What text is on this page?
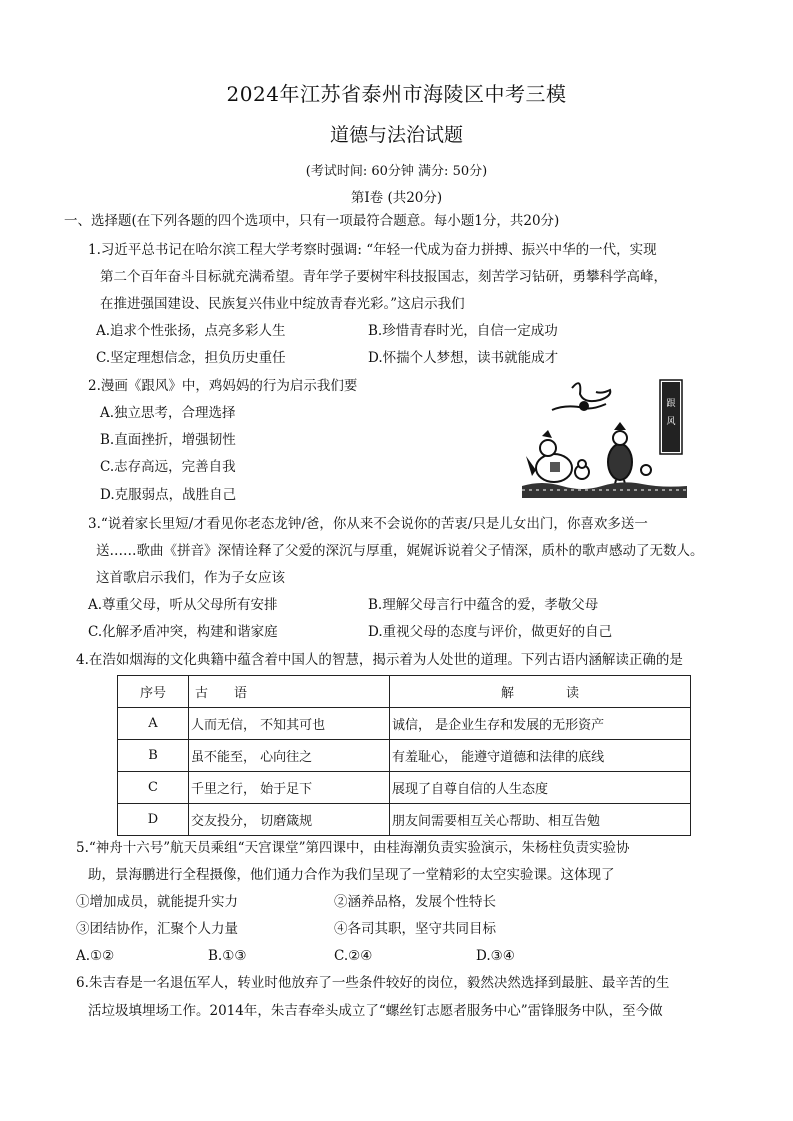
2024年江苏省泰州市海陵区中考三模
道德与法治试题
(考试时间: 60分钟 满分: 50分)
第Ⅰ卷 (共20分)
一、选择题(在下列各题的四个选项中，只有一项最符合题意。每小题1分，共20分)
1.习近平总书记在哈尔滨工程大学考察时强调: “年轻一代成为奋力拼搏、振兴中华的一代，实现
第二个百年奋斗目标就充满希望。青年学子要树牢科技报国志，刻苦学习钻研，勇攀科学高峰，
在推进强国建设、民族复兴伟业中绽放青春光彩。”这启示我们
A.追求个性张扬，点亮多彩人生	B.珍惜青春时光，自信一定成功
C.坚定理想信念，担负历史重任	D.怀揣个人梦想，读书就能成才
2.漫画《跟风》中，鸡妈妈的行为启示我们要
A.独立思考，合理选择
B.直面挫折，增强韧性
C.志存高远，完善自我
D.克服弱点，战胜自己
跟
风
3.“说着家长里短/才看见你老态龙钟/爸，你从来不会说你的苦衷/只是儿女出门，你喜欢多送一
送……歌曲《拼音》深情诠释了父爱的深沉与厚重，娓娓诉说着父子情深，质朴的歌声感动了无数人。
这首歌启示我们，作为子女应该
A.尊重父母，听从父母所有安排	B.理解父母言行中蕴含的爱，孝敬父母
C.化解矛盾冲突，构建和谐家庭	D.重视父母的态度与评价，做更好的自己
4.在浩如烟海的文化典籍中蕴含着中国人的智慧，揭示着为人处世的道理。下列古语内涵解读正确的是
序号	古　　语	解　　　　读
A	人而无信， 不知其可也	诚信， 是企业生存和发展的无形资产
B	虽不能至， 心向往之	有羞耻心， 能遵守道德和法律的底线
C	千里之行， 始于足下	展现了自尊自信的人生态度
D	交友投分， 切磨箴规	朋友间需要相互关心帮助、相互告勉
5.“神舟十六号”航天员乘组“天宫课堂”第四课中，由桂海潮负责实验演示，朱杨柱负责实验协
助，景海鹏进行全程摄像，他们通力合作为我们呈现了一堂精彩的太空实验课。这体现了
①增加成员，就能提升实力	②涵养品格，发展个性特长
③团结协作，汇聚个人力量	④各司其职，坚守共同目标
A.①②	B.①③	C.②④	D.③④
6.朱吉春是一名退伍军人，转业时他放弃了一些条件较好的岗位，毅然决然选择到最脏、最辛苦的生
活垃圾填埋场工作。2014年，朱吉春牵头成立了“螺丝钉志愿者服务中心”雷锋服务中队，至今做
